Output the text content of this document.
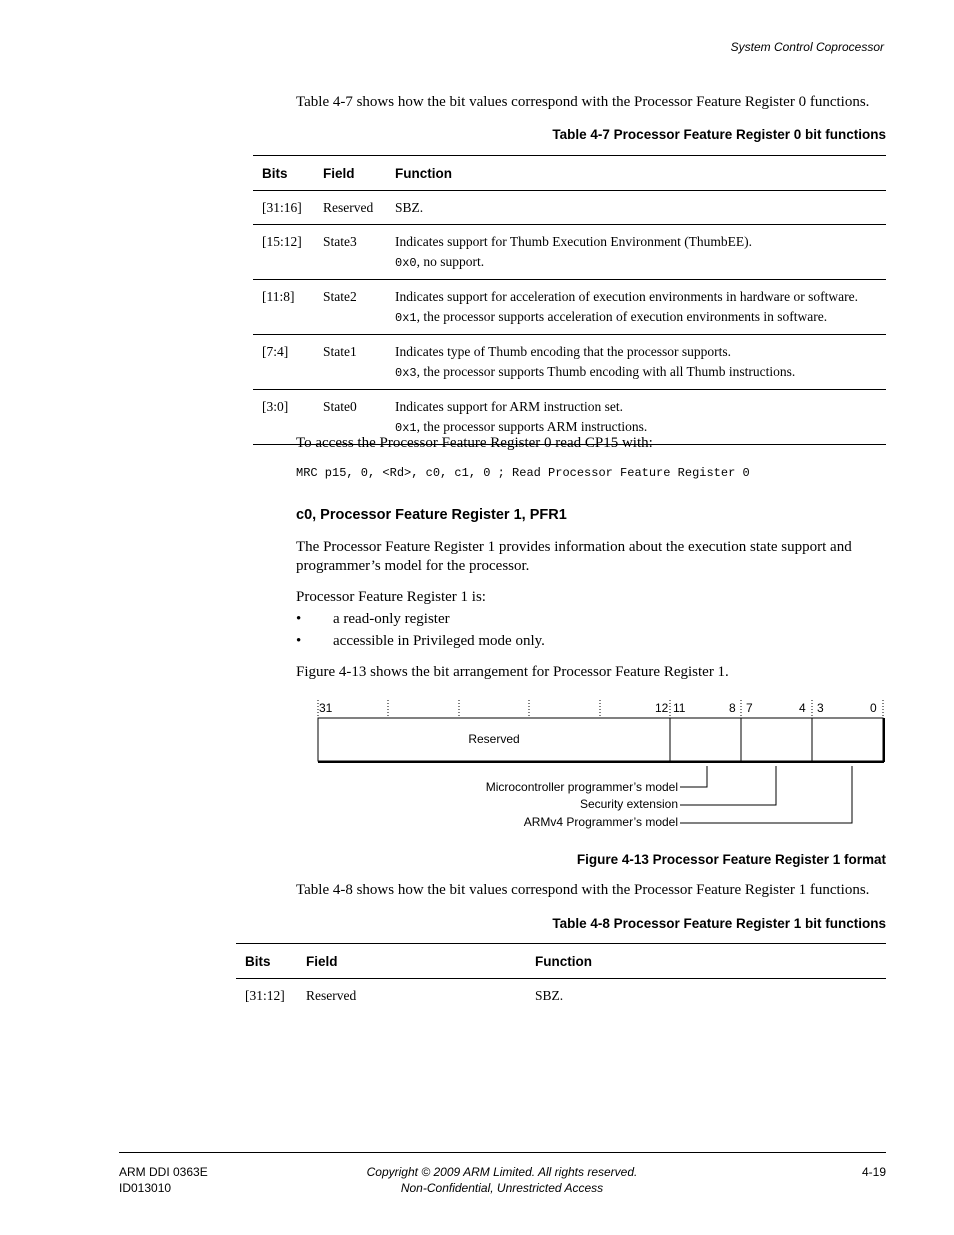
System Control Coprocessor
Table 4-7 shows how the bit values correspond with the Processor Feature Register 0 functions.
Table 4-7 Processor Feature Register 0 bit functions
Bits	Field	Function
[31:16]	Reserved	SBZ.
[15:12]	State3	Indicates support for Thumb Execution Environment (ThumbEE).
0x0, no support.

[11:8]	State2	Indicates support for acceleration of execution environments in hardware or software.
0x1, the processor supports acceleration of execution environments in software.

[7:4]	State1	Indicates type of Thumb encoding that the processor supports.
0x3, the processor supports Thumb encoding with all Thumb instructions.

[3:0]	State0	Indicates support for ARM instruction set.
0x1, the processor supports ARM instructions.
To access the Processor Feature Register 0 read CP15 with:
MRC p15, 0, <Rd>, c0, c1, 0 ; Read Processor Feature Register 0
c0, Processor Feature Register 1, PFR1
The Processor Feature Register 1 provides information about the execution state support and programmer’s model for the processor.
Processor Feature Register 1 is:
• a read-only register
• accessible in Privileged mode only.
Figure 4-13 shows the bit arrangement for Processor Feature Register 1.
31	12 11	8 7	4 3	0
Reserved
Microcontroller programmer’s model
Security extension
ARMv4 Programmer’s model
Figure 4-13 Processor Feature Register 1 format
Table 4-8 shows how the bit values correspond with the Processor Feature Register 1 functions.
Table 4-8 Processor Feature Register 1 bit functions
Bits	Field	Function
[31:12]	Reserved	SBZ.
ARM DDI 0363E
ID013010
Copyright © 2009 ARM Limited. All rights reserved.
Non-Confidential, Unrestricted Access
4-19
